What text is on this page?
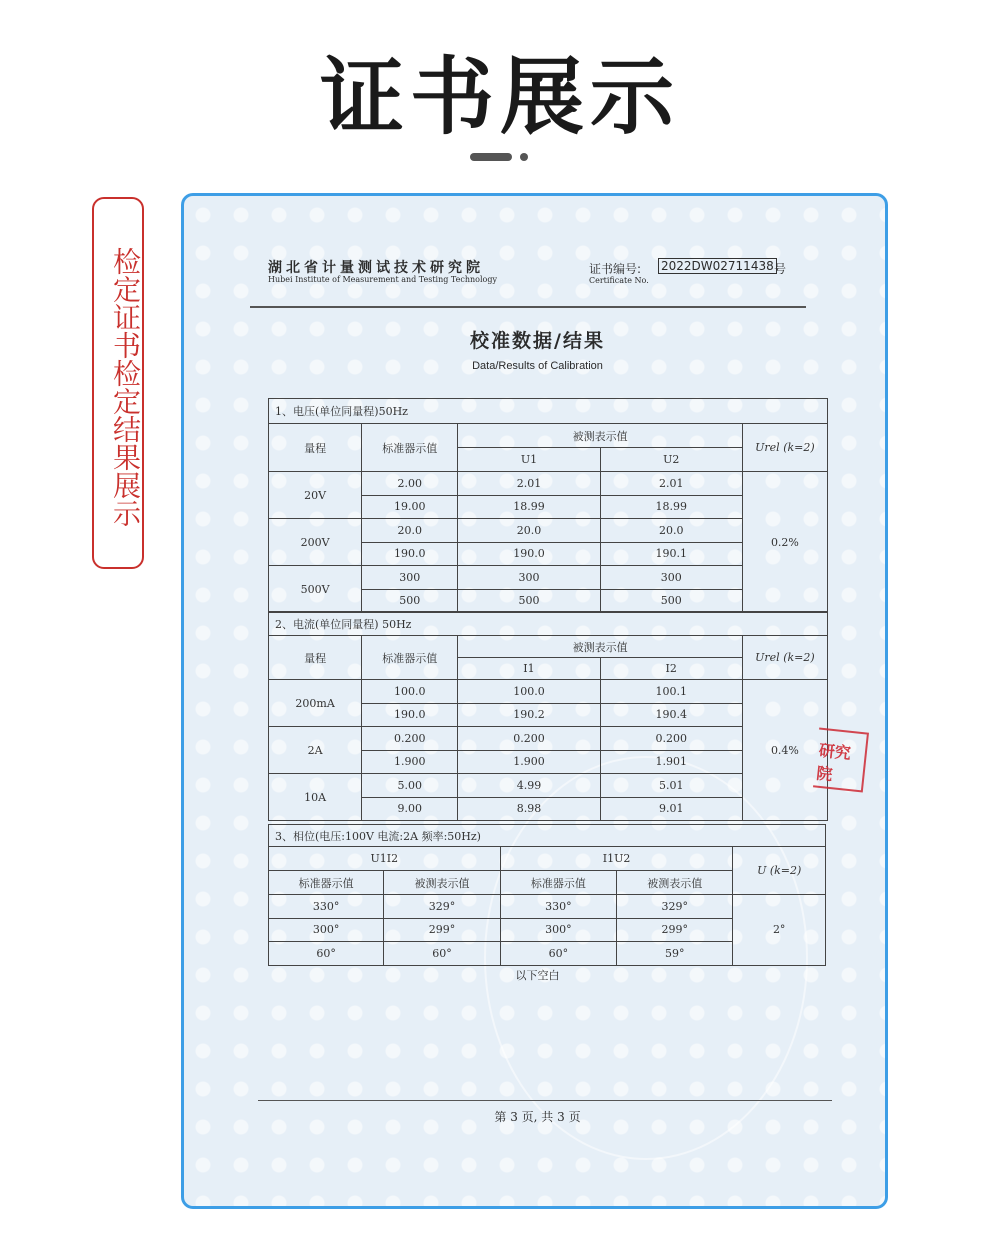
证书展示
检定证书检定结果展示	湖北省计量测试技术研究院
Hubei Institute of Measurement and Testing Technology
证书编号: 2022DW02711438 号
Certificate No.
校准数据/结果
Data/Results of Calibration
1、电压(单位同量程)50Hz				
量程	标准器示值	被测表示值		Urel (k=2)
		U1	U2	
20V	2.00	2.01	2.01	0.2%
	19.00	18.99	18.99	
200V	20.0	20.0	20.0	
	190.0	190.0	190.1	
500V	300	300	300	
	500	500	500	
2、电流(单位同量程) 50Hz				
量程	标准器示值	被测表示值		Urel (k=2)
		I1	I2	
200mA	100.0	100.0	100.1	0.4%
	190.0	190.2	190.4	
2A	0.200	0.200	0.200	
	1.900	1.900	1.901	
10A	5.00	4.99	5.01	
	9.00	8.98	9.01	
3、相位(电压:100V 电流:2A 频率:50Hz)				
U1I2		I1U2		U (k=2)
标准器示值	被测表示值	标准器示值	被测表示值	
330°	329°	330°	329°	2°
300°	299°	300°	299°	
60°	60°	60°	59°	
研究院
以下空白
第 3 页, 共 3 页
